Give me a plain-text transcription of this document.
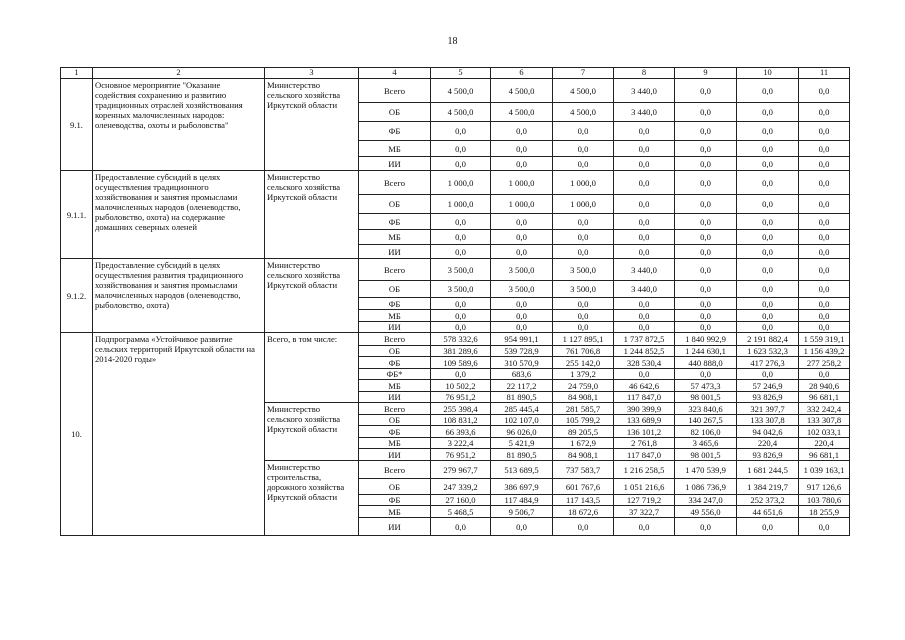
18
1	2	3	4	5	6	7	8	9	10	11
9.1.	Основное мероприятие "Оказание содействия сохранению и развитию традиционных отраслей хозяйствования коренных малочисленных народов: оленеводства, охоты и рыболовства"	Министерство сельского хозяйства Иркутской области	Всего	4 500,0	4 500,0	4 500,0	3 440,0	0,0	0,0	0,0
			ОБ	4 500,0	4 500,0	4 500,0	3 440,0	0,0	0,0	0,0
			ФБ	0,0	0,0	0,0	0,0	0,0	0,0	0,0
			МБ	0,0	0,0	0,0	0,0	0,0	0,0	0,0
			ИИ	0,0	0,0	0,0	0,0	0,0	0,0	0,0
9.1.1.	Предоставление субсидий в целях осуществления традиционного хозяйствования и занятия промыслами малочисленных народов (оленеводство, рыболовство, охота) на содержание домашних северных оленей	Министерство сельского хозяйства Иркутской области	Всего	1 000,0	1 000,0	1 000,0	0,0	0,0	0,0	0,0
			ОБ	1 000,0	1 000,0	1 000,0	0,0	0,0	0,0	0,0
			ФБ	0,0	0,0	0,0	0,0	0,0	0,0	0,0
			МБ	0,0	0,0	0,0	0,0	0,0	0,0	0,0
			ИИ	0,0	0,0	0,0	0,0	0,0	0,0	0,0
9.1.2.	Предоставление субсидий в целях осуществления развития традиционного хозяйствования и занятия промыслами малочисленных народов (оленеводство, рыболовство, охота)	Министерство сельского хозяйства Иркутской области	Всего	3 500,0	3 500,0	3 500,0	3 440,0	0,0	0,0	0,0
			ОБ	3 500,0	3 500,0	3 500,0	3 440,0	0,0	0,0	0,0
			ФБ	0,0	0,0	0,0	0,0	0,0	0,0	0,0
			МБ	0,0	0,0	0,0	0,0	0,0	0,0	0,0
			ИИ	0,0	0,0	0,0	0,0	0,0	0,0	0,0
10.	Подпрограмма «Устойчивое развитие сельских территорий Иркутской области на 2014-2020 годы»	Всего, в том числе:	Всего	578 332,6	954 991,1	1 127 895,1	1 737 872,5	1 840 992,9	2 191 882,4	1 559 319,1
			ОБ	381 289,6	539 728,9	761 706,8	1 244 852,5	1 244 630,1	1 623 532,3	1 156 439,2
			ФБ	109 589,6	310 570,9	255 142,0	328 530,4	440 888,0	417 276,3	277 258,2
			ФБ*	0,0	683,6	1 379,2	0,0	0,0	0,0	0,0
			МБ	10 502,2	22 117,2	24 759,0	46 642,6	57 473,3	57 246,9	28 940,6
			ИИ	76 951,2	81 890,5	84 908,1	117 847,0	98 001,5	93 826,9	96 681,1
		Министерство сельского хозяйства Иркутской области	Всего	255 398,4	285 445,4	281 585,7	390 399,9	323 840,6	321 397,7	332 242,4
			ОБ	108 831,2	102 107,0	105 799,2	133 689,9	140 267,5	133 307,8	133 307,8
			ФБ	66 393,6	96 026,0	89 205,5	136 101,2	82 106,0	94 042,6	102 033,1
			МБ	3 222,4	5 421,9	1 672,9	2 761,8	3 465,6	220,4	220,4
			ИИ	76 951,2	81 890,5	84 908,1	117 847,0	98 001,5	93 826,9	96 681,1
		Министерство строительства, дорожного хозяйства Иркутской области	Всего	279 967,7	513 689,5	737 583,7	1 216 258,5	1 470 539,9	1 681 244,5	1 039 163,1
			ОБ	247 339,2	386 697,9	601 767,6	1 051 216,6	1 086 736,9	1 384 219,7	917 126,6
			ФБ	27 160,0	117 484,9	117 143,5	127 719,2	334 247,0	252 373,2	103 780,6
			МБ	5 468,5	9 506,7	18 672,6	37 322,7	49 556,0	44 651,6	18 255,9
			ИИ	0,0	0,0	0,0	0,0	0,0	0,0	0,0
